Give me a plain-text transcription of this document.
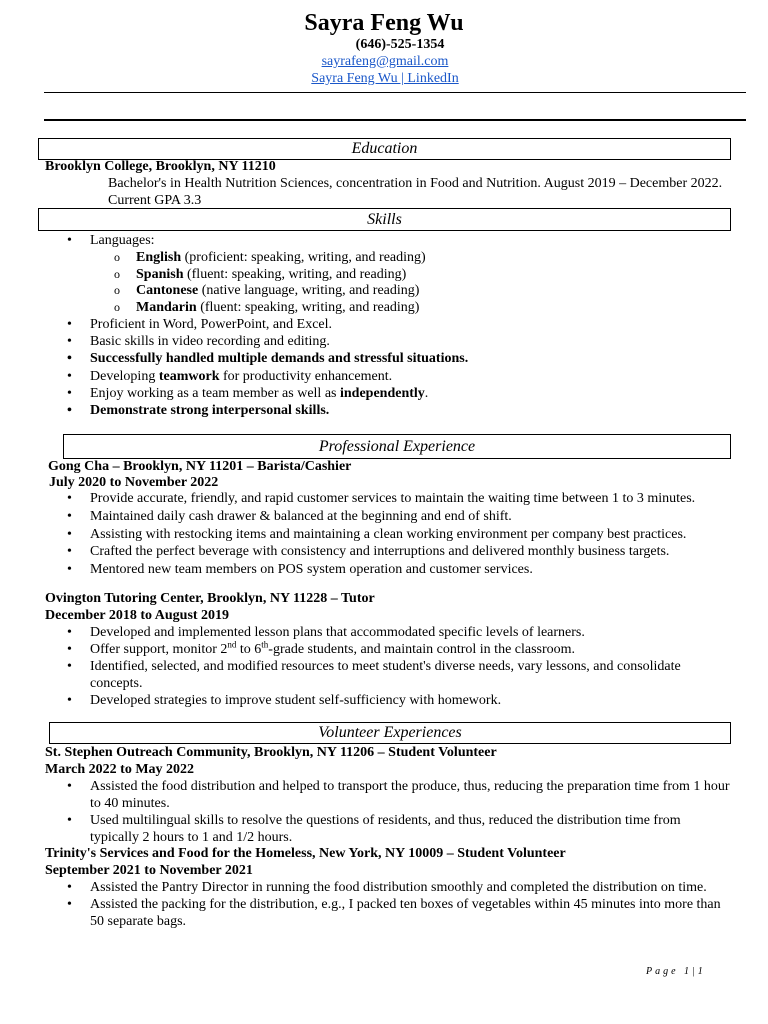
Sayra Feng Wu
(646)-525-1354
sayrafeng@gmail.com
Sayra Feng Wu | LinkedIn
Education
Brooklyn College, Brooklyn, NY 11210
Bachelor's in Health Nutrition Sciences, concentration in Food and Nutrition. August 2019 – December 2022.
Current GPA 3.3
Skills
• Languages:
o English (proficient: speaking, writing, and reading)
o Spanish (fluent: speaking, writing, and reading)
o Cantonese (native language, writing, and reading)
o Mandarin (fluent: speaking, writing, and reading)
• Proficient in Word, PowerPoint, and Excel.
• Basic skills in video recording and editing.
• Successfully handled multiple demands and stressful situations.
• Developing teamwork for productivity enhancement.
• Enjoy working as a team member as well as independently.
• Demonstrate strong interpersonal skills.
Professional Experience
Gong Cha – Brooklyn, NY 11201 – Barista/Cashier
July 2020 to November 2022
• Provide accurate, friendly, and rapid customer services to maintain the waiting time between 1 to 3 minutes.
• Maintained daily cash drawer & balanced at the beginning and end of shift.
• Assisting with restocking items and maintaining a clean working environment per company best practices.
• Crafted the perfect beverage with consistency and interruptions and delivered monthly business targets.
• Mentored new team members on POS system operation and customer services.
Ovington Tutoring Center, Brooklyn, NY 11228 – Tutor
December 2018 to August 2019
• Developed and implemented lesson plans that accommodated specific levels of learners.
• Offer support, monitor 2nd to 6th-grade students, and maintain control in the classroom.
• Identified, selected, and modified resources to meet student's diverse needs, vary lessons, and consolidate
concepts.
• Developed strategies to improve student self-sufficiency with homework.
Volunteer Experiences
St. Stephen Outreach Community, Brooklyn, NY 11206 – Student Volunteer
March 2022 to May 2022
• Assisted the food distribution and helped to transport the produce, thus, reducing the preparation time from 1 hour
to 40 minutes.
• Used multilingual skills to resolve the questions of residents, and thus, reduced the distribution time from
typically 2 hours to 1 and 1/2 hours.
Trinity's Services and Food for the Homeless, New York, NY 10009 – Student Volunteer
September 2021 to November 2021
• Assisted the Pantry Director in running the food distribution smoothly and completed the distribution on time.
• Assisted the packing for the distribution, e.g., I packed ten boxes of vegetables within 45 minutes into more than
50 separate bags.
Page 1|1
